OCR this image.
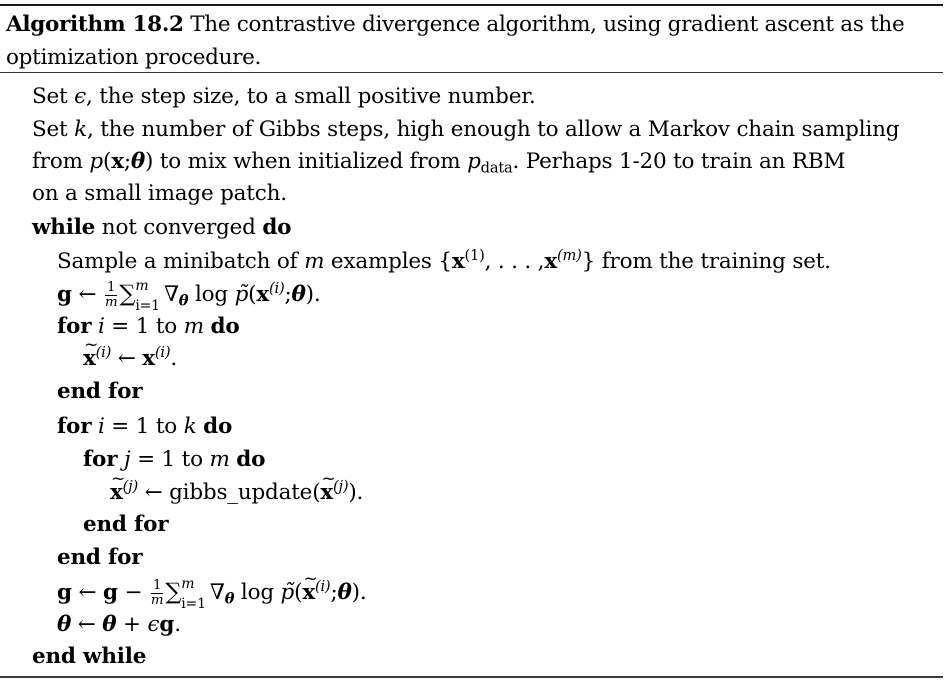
Algorithm 18.2 The contrastive divergence algorithm, using gradient ascent as the optimization procedure.
Set ϵ, the step size, to a small positive number.
Set k, the number of Gibbs steps, high enough to allow a Markov chain sampling
from p(x;θ) to mix when initialized from $p_{data}$. Perhaps 1-20 to train an RBM
on a small image patch.
while not converged do
Sample a minibatch of m examples {$x^{(1)}$, . . . $,x^{(m)}$} from the training set.
g ← $\frac{1}{m}$ ∑ m
i=1 $\nabla_\theta$ $\log p̃(x^{(i)};\theta)$.
for i = 1 to m do
~ $x^{(i)}$ ← $x^{(i)}$.
end for
for i = 1 to k do
for j = 1 to m do
~ $x^{(j)}$ ← gibbs_update(~ $x^{(j)}$).
end for
end for
g ← $g - \frac{1}{m}$ ∑ m
i=1 $\nabla_\theta$ log p̃(~ $x^{(i)};\theta$).
θ ← θ + ϵg.
end while
